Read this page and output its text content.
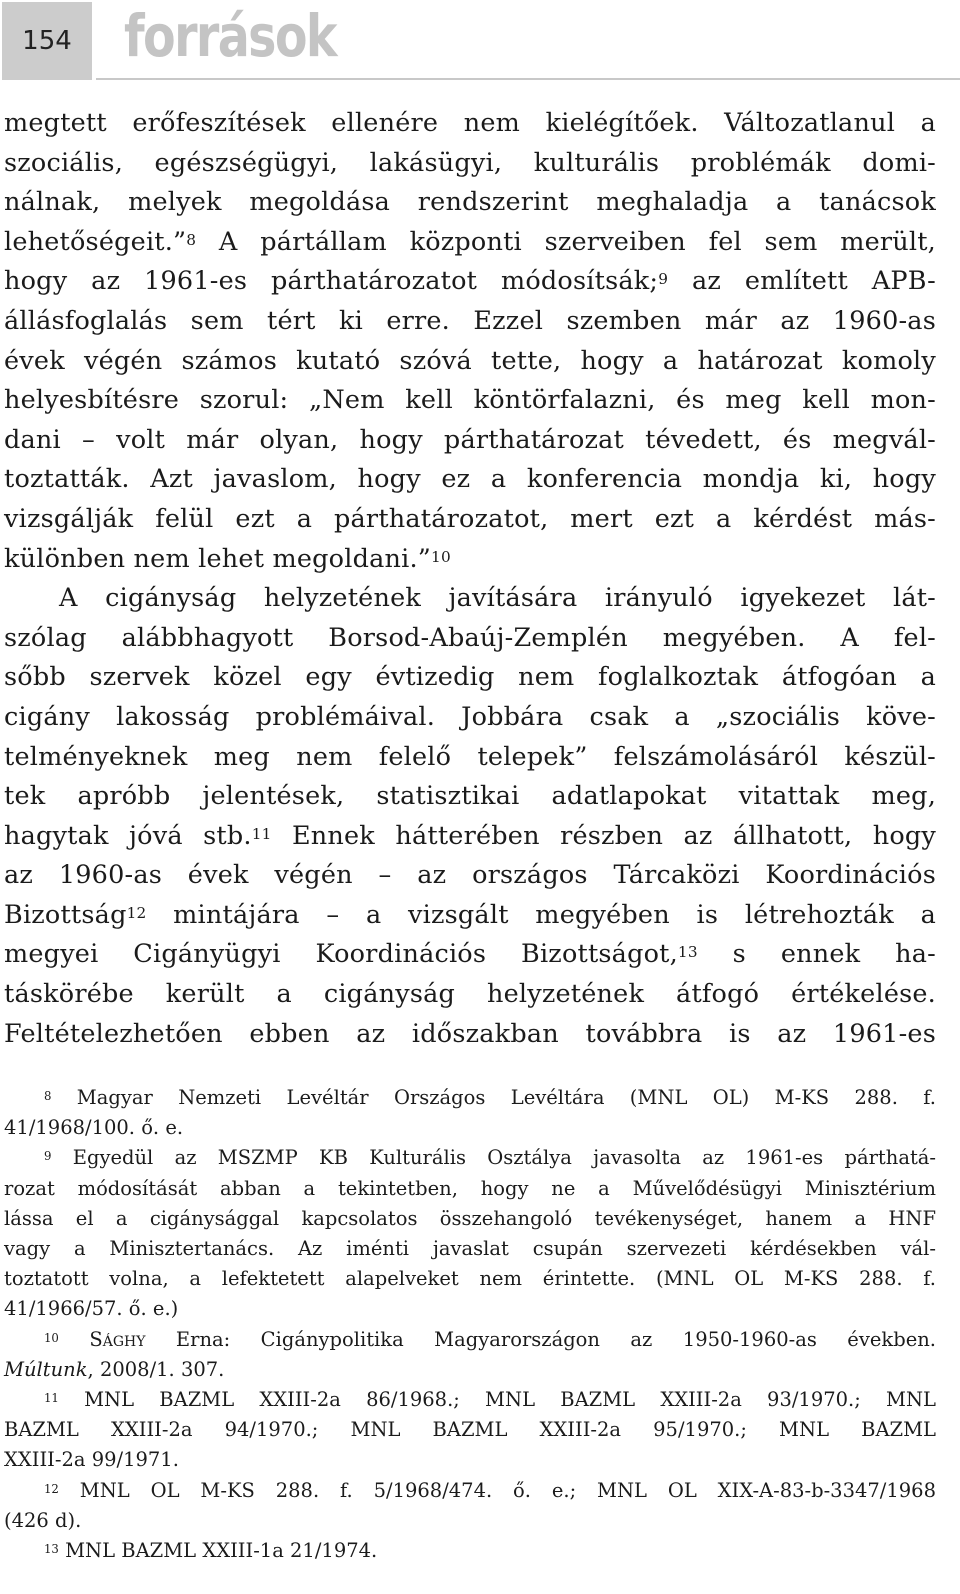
154 források

megtett erőfeszítések ellenére nem kielégítőek. Változatlanul a

szociális, egészségügyi, lakásügyi, kulturális problémák domi-

nálnak, melyek megoldása rendszerint meghaladja a tanácsok

lehetőségeit.”$^8$ A pártállam központi szerveiben fel sem merült,

hogy az 1961-es párthatározatot módosítsák;$^9$ az említett APB-

állásfoglalás sem tért ki erre. Ezzel szemben már az 1960-as

évek végén számos kutató szóvá tette, hogy a határozat komoly

helyesbítésre szorul: „Nem kell köntörfalazni, és meg kell mon-

dani – volt már olyan, hogy párthatározat tévedett, és megvál-

toztatták. Azt javaslom, hogy ez a konferencia mondja ki, hogy

vizsgálják felül ezt a párthatározatot, mert ezt a kérdést más-

különben nem lehet megoldani.”$^{10}$

A cigányság helyzetének javítására irányuló igyekezet lát-

szólag alábbhagyott Borsod-Abaúj-Zemplén megyében. A fel-

sőbb szervek közel egy évtizedig nem foglalkoztak átfogóan a

cigány lakosság problémáival. Jobbára csak a „szociális köve-

telményeknek meg nem felelő telepek” felszámolásáról készül-

tek apróbb jelentések, statisztikai adatlapokat vitattak meg,

hagytak jóvá stb.$^{11}$ Ennek hátterében részben az állhatott, hogy

az 1960-as évek végén – az országos Tárcaközi Koordinációs

Bizottság$^{12}$ mintájára – a vizsgált megyében is létrehozták a

megyei Cigányügyi Koordinációs Bizottságot,$^{13}$ s ennek ha-

táskörébe került a cigányság helyzetének átfogó értékelése.

Feltételezhetően ebben az időszakban továbbra is az 1961-es

$^8$ Magyar Nemzeti Levéltár Országos Levéltára (MNL OL) M-KS 288. f.

41/1968/100. ő. e.

$^9$ Egyedül az MSZMP KB Kulturális Osztálya javasolta az 1961-es párthatá-

rozat módosítását abban a tekintetben, hogy ne a Művelődésügyi Minisztérium

lássa el a cigánysággal kapcsolatos összehangoló tevékenységet, hanem a HNF

vagy a Minisztertanács. Az iménti javaslat csupán szervezeti kérdésekben vál-

toztatott volna, a lefektetett alapelveket nem érintette. (MNL OL M-KS 288. f.

41/1966/57. ő. e.)

$^{10}$ Sághy Erna: Cigánypolitika Magyarországon az 1950-1960-as években.

Múltunk, 2008/1. 307.

$^{11}$ MNL BAZML XXIII-2a 86/1968.; MNL BAZML XXIII-2a 93/1970.; MNL

BAZML XXIII-2a 94/1970.; MNL BAZML XXIII-2a 95/1970.; MNL BAZML

XXIII-2a 99/1971.

$^{12}$ MNL OL M-KS 288. f. 5/1968/474. ő. e.; MNL OL XIX-A-83-b-3347/1968

(426 d).

$^{13}$ MNL BAZML XXIII-1a 21/1974.
